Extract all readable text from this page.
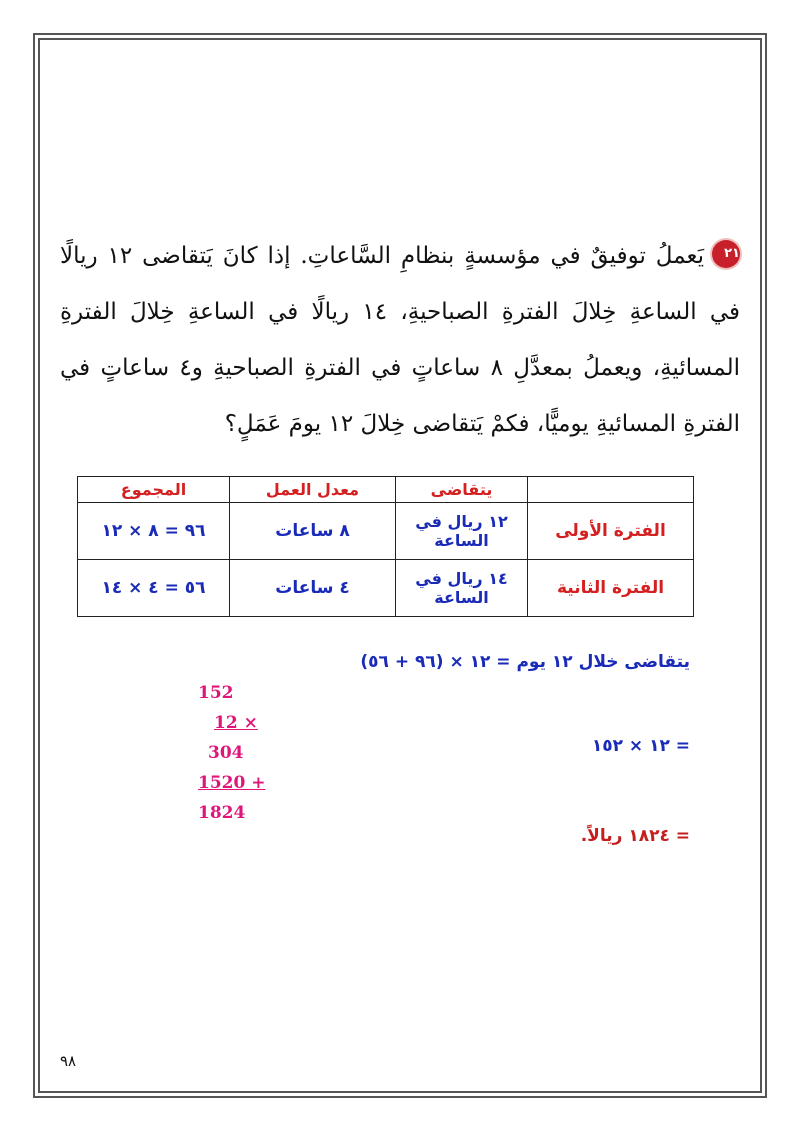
٢١يَعملُ توفيقٌ في مؤسسةٍ بنظامِ السَّاعاتِ. إذا كانَ يَتقاضى ١٢ ريالًا في الساعةِ خِلالَ الفترةِ الصباحيةِ، ١٤ ريالًا في الساعةِ خِلالَ الفترةِ المسائيةِ، ويعملُ بمعدَّلِ ٨ ساعاتٍ في الفترةِ الصباحيةِ و٤ ساعاتٍ في الفترةِ المسائيةِ يوميًّا، فكمْ يَتقاضى خِلالَ ١٢ يومَ عَمَلٍ؟
	يتقاضى	معدل العمل	المجموع
الفترة الأولى	١٢ ريال في الساعة	٨ ساعات	٩٦ = ٨ × ١٢
الفترة الثانية	١٤ ريال في الساعة	٤ ساعات	٥٦ = ٤ × ١٤
يتقاضى خلال ١٢ يوم = ١٢ × (٩٦ + ٥٦)
= ١٢ × ١٥٢
= ١٨٢٤ ريالاً.
152
12 ×
304
1520 +
1824
٩٨
